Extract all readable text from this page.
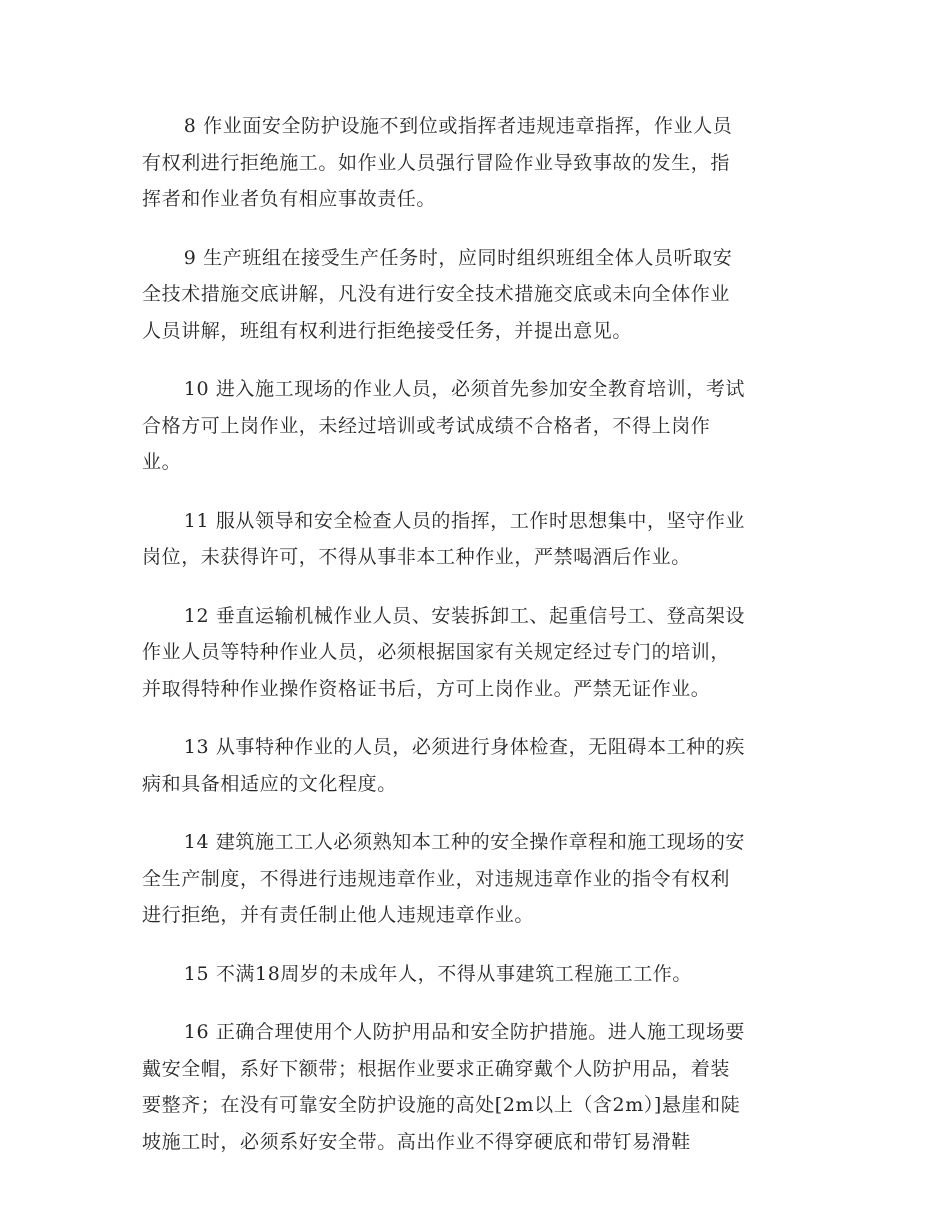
8 作业面安全防护设施不到位或指挥者违规违章指挥，作业人员
有权利进行拒绝施工。如作业人员强行冒险作业导致事故的发生，指
挥者和作业者负有相应事故责任。

9 生产班组在接受生产任务时，应同时组织班组全体人员听取安
全技术措施交底讲解，凡没有进行安全技术措施交底或未向全体作业
人员讲解，班组有权利进行拒绝接受任务，并提出意见。

10 进入施工现场的作业人员，必须首先参加安全教育培训，考试
合格方可上岗作业，未经过培训或考试成绩不合格者，不得上岗作
业。

11 服从领导和安全检查人员的指挥，工作时思想集中，坚守作业
岗位，未获得许可，不得从事非本工种作业，严禁喝酒后作业。

12 垂直运输机械作业人员、安装拆卸工、起重信号工、登高架设
作业人员等特种作业人员，必须根据国家有关规定经过专门的培训，
并取得特种作业操作资格证书后，方可上岗作业。严禁无证作业。

13 从事特种作业的人员，必须进行身体检查，无阻碍本工种的疾
病和具备相适应的文化程度。

14 建筑施工工人必须熟知本工种的安全操作章程和施工现场的安
全生产制度，不得进行违规违章作业，对违规违章作业的指令有权利
进行拒绝，并有责任制止他人违规违章作业。

15 不满18周岁的未成年人，不得从事建筑工程施工工作。

16 正确合理使用个人防护用品和安全防护措施。进人施工现场要
戴安全帽，系好下额带；根据作业要求正确穿戴个人防护用品，着装
要整齐；在没有可靠安全防护设施的高处[2m以上（含2m）]悬崖和陡
坡施工时，必须系好安全带。高出作业不得穿硬底和带钉易滑鞋
